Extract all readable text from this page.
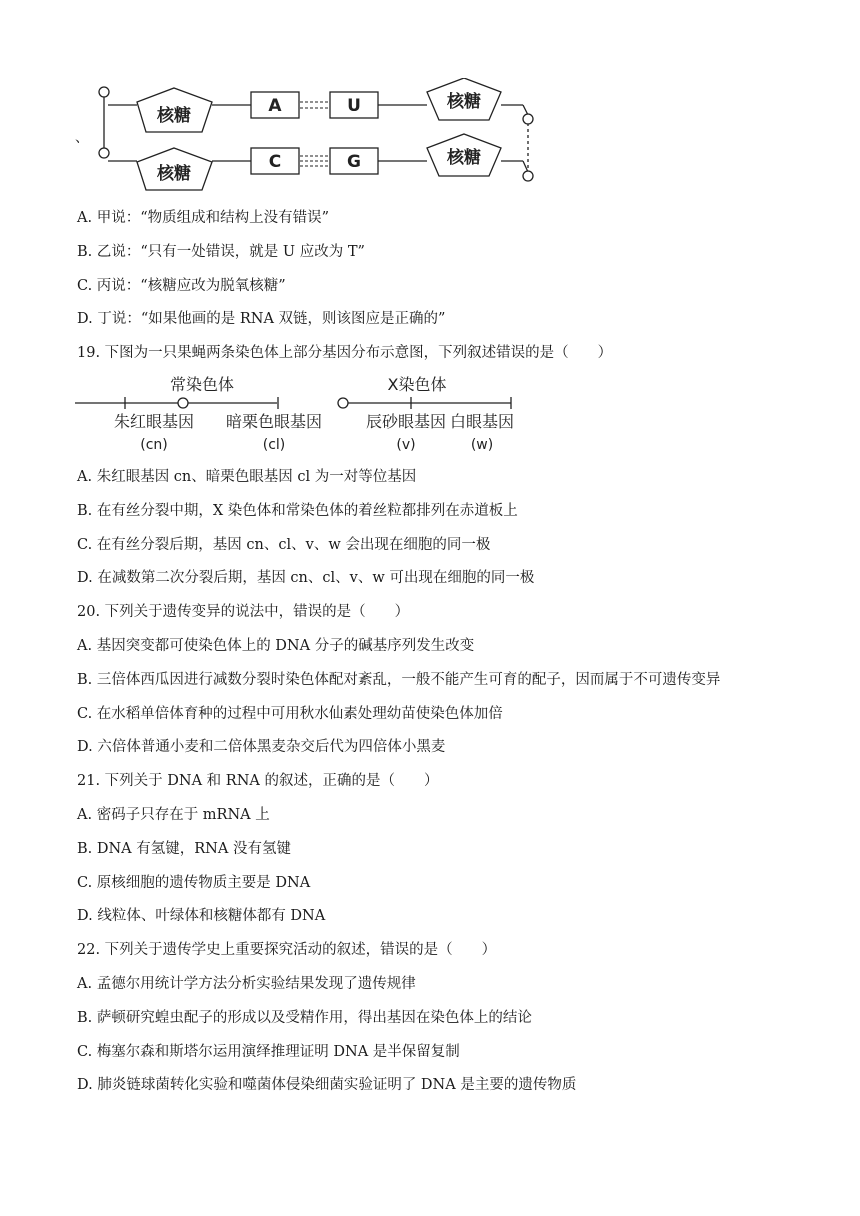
核糖
核糖
核糖
核糖
A	U
C	G
、

A. 甲说：“物质组成和结构上没有错误”

B. 乙说：“只有一处错误，就是 U 应改为 T”

C. 丙说：“核糖应改为脱氧核糖”

D. 丁说：“如果他画的是 RNA 双链，则该图应是正确的”

19. 下图为一只果蝇两条染色体上部分基因分布示意图，下列叙述错误的是（　　）

常染色体	X染色体
朱红眼基因 暗栗色眼基因	辰砂眼基因 白眼基因
(cn)	(cl)	(v)	(w)

A. 朱红眼基因 cn、暗栗色眼基因 cl 为一对等位基因

B. 在有丝分裂中期，X 染色体和常染色体的着丝粒都排列在赤道板上

C. 在有丝分裂后期，基因 cn、cl、v、w 会出现在细胞的同一极

D. 在减数第二次分裂后期，基因 cn、cl、v、w 可出现在细胞的同一极

20. 下列关于遗传变异的说法中，错误的是（　　）

A. 基因突变都可使染色体上的 DNA 分子的碱基序列发生改变

B. 三倍体西瓜因进行减数分裂时染色体配对紊乱，一般不能产生可育的配子，因而属于不可遗传变异

C. 在水稻单倍体育种的过程中可用秋水仙素处理幼苗使染色体加倍

D. 六倍体普通小麦和二倍体黑麦杂交后代为四倍体小黑麦

21. 下列关于 DNA 和 RNA 的叙述，正确的是（　　）

A. 密码子只存在于 mRNA 上

B. DNA 有氢键，RNA 没有氢键

C. 原核细胞的遗传物质主要是 DNA

D. 线粒体、叶绿体和核糖体都有 DNA

22. 下列关于遗传学史上重要探究活动的叙述，错误的是（　　）

A. 孟德尔用统计学方法分析实验结果发现了遗传规律

B. 萨顿研究蝗虫配子的形成以及受精作用，得出基因在染色体上的结论

C. 梅塞尔森和斯塔尔运用演绎推理证明 DNA 是半保留复制

D. 肺炎链球菌转化实验和噬菌体侵染细菌实验证明了 DNA 是主要的遗传物质
